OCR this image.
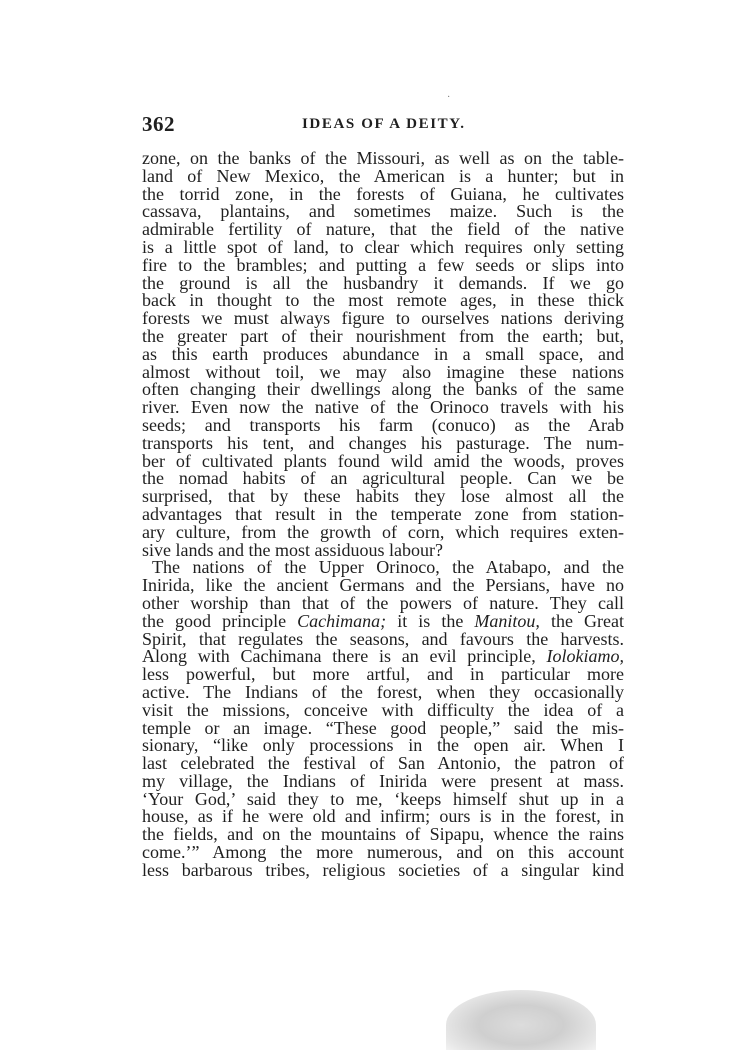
·
362	IDEAS OF A DEITY.
zone, on the banks of the Missouri, as well as on the table-
land of New Mexico, the American is a hunter; but in
the torrid zone, in the forests of Guiana, he cultivates
cassava, plantains, and sometimes maize. Such is the
admirable fertility of nature, that the field of the native
is a little spot of land, to clear which requires only setting
fire to the brambles; and putting a few seeds or slips into
the ground is all the husbandry it demands. If we go
back in thought to the most remote ages, in these thick
forests we must always figure to ourselves nations deriving
the greater part of their nourishment from the earth; but,
as this earth produces abundance in a small space, and
almost without toil, we may also imagine these nations
often changing their dwellings along the banks of the same
river. Even now the native of the Orinoco travels with his
seeds; and transports his farm (conuco) as the Arab
transports his tent, and changes his pasturage. The num-
ber of cultivated plants found wild amid the woods, proves
the nomad habits of an agricultural people. Can we be
surprised, that by these habits they lose almost all the
advantages that result in the temperate zone from station-
ary culture, from the growth of corn, which requires exten-
sive lands and the most assiduous labour?
The nations of the Upper Orinoco, the Atabapo, and the
Inirida, like the ancient Germans and the Persians, have no
other worship than that of the powers of nature. They call
the good principle Cachimana; it is the Manitou, the Great
Spirit, that regulates the seasons, and favours the harvests.
Along with Cachimana there is an evil principle, Iolokiamo,
less powerful, but more artful, and in particular more
active. The Indians of the forest, when they occasionally
visit the missions, conceive with difficulty the idea of a
temple or an image. “These good people,” said the mis-
sionary, “like only processions in the open air. When I
last celebrated the festival of San Antonio, the patron of
my village, the Indians of Inirida were present at mass.
‘Your God,’ said they to me, ‘keeps himself shut up in a
house, as if he were old and infirm; ours is in the forest, in
the fields, and on the mountains of Sipapu, whence the rains
come.’” Among the more numerous, and on this account
less barbarous tribes, religious societies of a singular kind
